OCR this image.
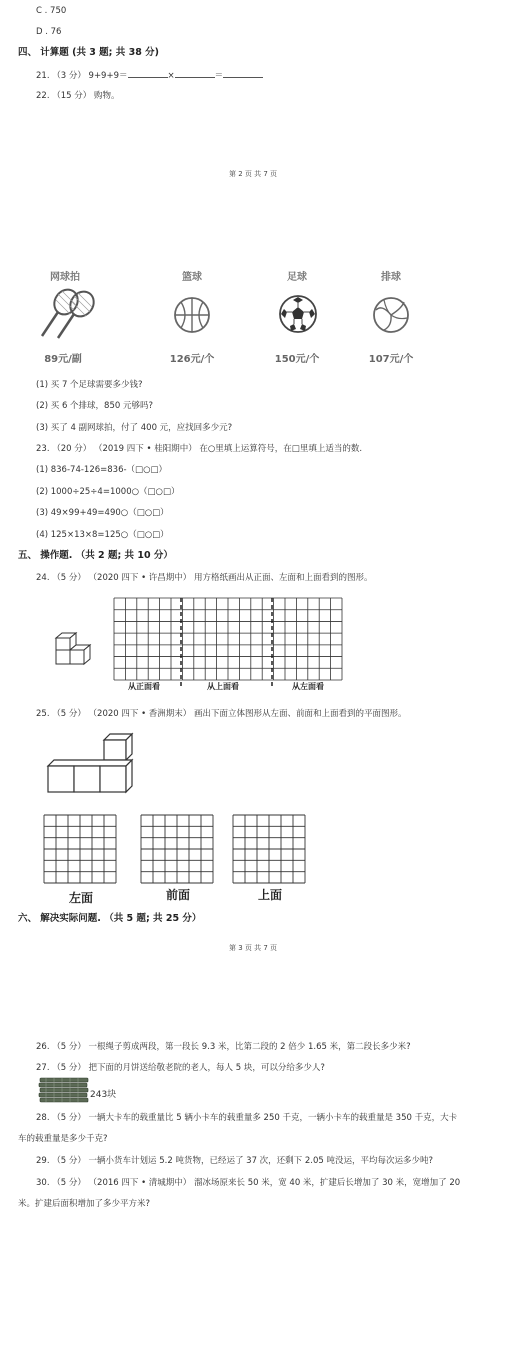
C . 750
D . 76
四、 计算题 (共 3 题; 共 38 分)
21. （3 分） 9+9+9＝	×	＝
22. （15 分） 购物。
第 2 页 共 7 页
网球拍
89元/副
篮球
126元/个
足球
150元/个
排球
107元/个
(1) 买 7 个足球需要多少钱?
(2) 买 6 个排球，850 元够吗?
(3) 买了 4 副网球拍，付了 400 元，应找回多少元?
23. （20 分） （2019 四下 • 桂阳期中） 在○里填上运算符号，在□里填上适当的数.
(1) 836-74-126=836-（□○□）
(2) 1000÷25÷4=1000○（□○□）
(3) 49×99+49=490○（□○□）
(4) 125×13×8=125○（□○□）
五、 操作题. （共 2 题; 共 10 分）
24. （5 分） （2020 四下 • 许昌期中） 用方格纸画出从正面、左面和上面看到的图形。
从正面看	从上面看	从左面看
25. （5 分） （2020 四下 • 香洲期末） 画出下面立体图形从左面、前面和上面看到的平面图形。
左面	前面	上面
六、 解决实际问题. （共 5 题; 共 25 分）
第 3 页 共 7 页
26. （5 分） 一根绳子剪成两段，第一段长 9.3 米，比第二段的 2 倍少 1.65 米，第二段长多少米?
27. （5 分） 把下面的月饼送给敬老院的老人，每人 5 块，可以分给多少人?
243块
28. （5 分） 一辆大卡车的载重量比 5 辆小卡车的载重量多 250 千克，一辆小卡车的载重量是 350 千克，大卡
车的载重量是多少千克?
29. （5 分） 一辆小货车计划运 5.2 吨货物，已经运了 37 次，还剩下 2.05 吨没运，平均每次运多少吨?
30. （5 分） （2016 四下 • 清城期中） 溜冰场原来长 50 米，宽 40 米，扩建后长增加了 30 米，宽增加了 20
米。扩建后面积增加了多少平方米?
